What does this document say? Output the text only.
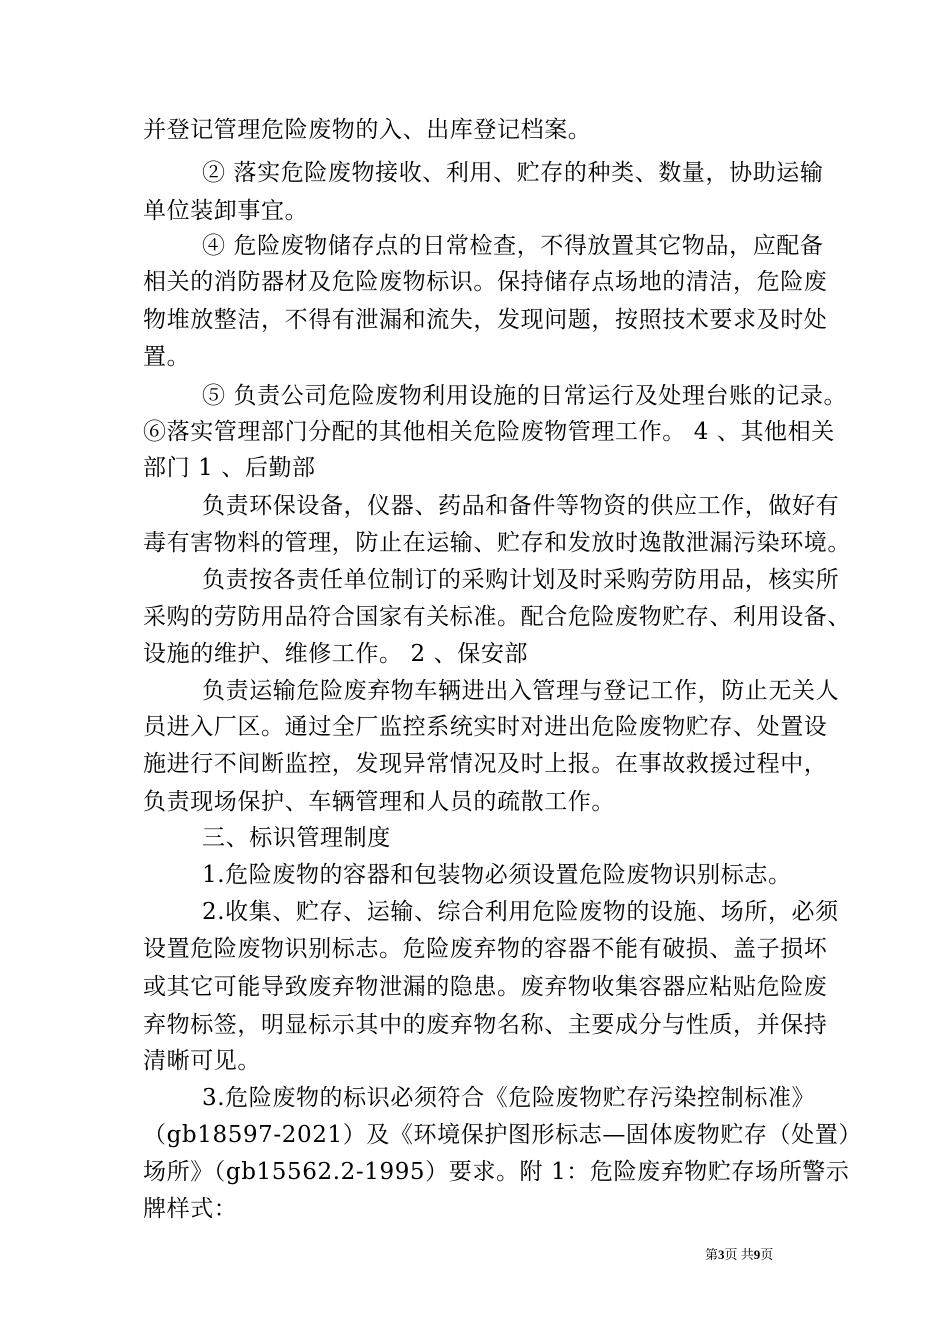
并登记管理危险废物的入、出库登记档案。
② 落实危险废物接收、利用、贮存的种类、数量，协助运输
单位装卸事宜。
④ 危险废物储存点的日常检查，不得放置其它物品，应配备
相关的消防器材及危险废物标识。保持储存点场地的清洁，危险废
物堆放整洁，不得有泄漏和流失，发现问题，按照技术要求及时处
置。
⑤ 负责公司危险废物利用设施的日常运行及处理台账的记录。
⑥落实管理部门分配的其他相关危险废物管理工作。 4 、其他相关
部门 1 、后勤部
负责环保设备，仪器、药品和备件等物资的供应工作，做好有
毒有害物料的管理，防止在运输、贮存和发放时逸散泄漏污染环境。
负责按各责任单位制订的采购计划及时采购劳防用品，核实所
采购的劳防用品符合国家有关标准。配合危险废物贮存、利用设备、
设施的维护、维修工作。 2 、保安部
负责运输危险废弃物车辆进出入管理与登记工作，防止无关人
员进入厂区。通过全厂监控系统实时对进出危险废物贮存、处置设
施进行不间断监控，发现异常情况及时上报。在事故救援过程中，
负责现场保护、车辆管理和人员的疏散工作。
三、标识管理制度
1.危险废物的容器和包装物必须设置危险废物识别标志。
2.收集、贮存、运输、综合利用危险废物的设施、场所，必须
设置危险废物识别标志。危险废弃物的容器不能有破损、盖子损坏
或其它可能导致废弃物泄漏的隐患。废弃物收集容器应粘贴危险废
弃物标签，明显标示其中的废弃物名称、主要成分与性质，并保持
清晰可见。
3.危险废物的标识必须符合《危险废物贮存污染控制标准》
（gb18597-2021）及《环境保护图形标志—固体废物贮存（处置）
场所》（gb15562.2-1995）要求。附 1：危险废弃物贮存场所警示
牌样式：
第3页 共9页
